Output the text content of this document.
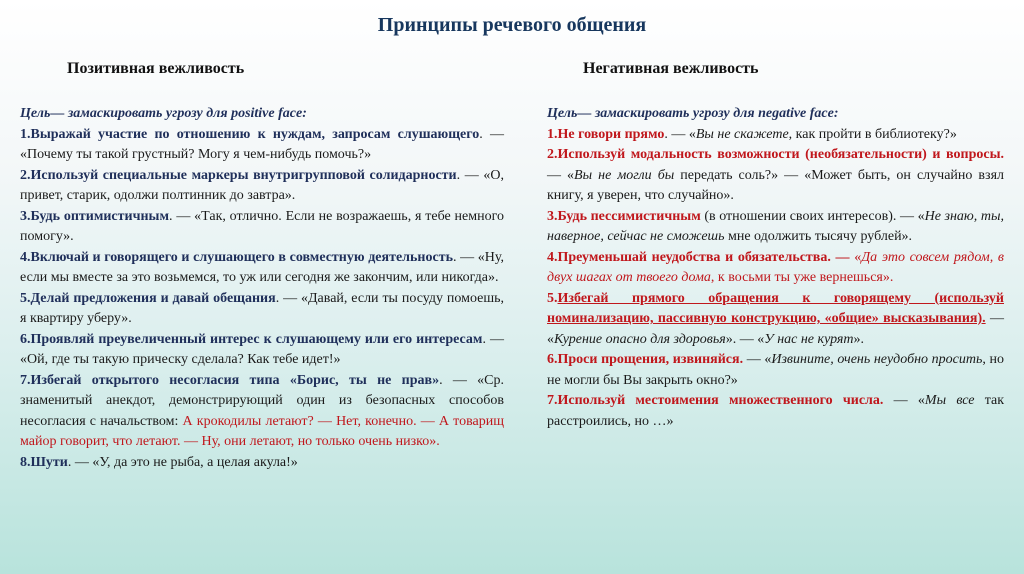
Принципы речевого общения
Позитивная вежливость	Негативная вежливость

Цель— замаскировать угрозу для positive face:

1.Выражай участие по отношению к нуждам, запросам слушающего. — «Почему ты такой грустный? Могу я чем-нибудь помочь?»

2.Используй специальные маркеры внутригрупповой солидарности. — «О, привет, старик, одолжи полтинник до завтра».

3.Будь оптимистичным. — «Так, отлично. Если не возражаешь, я тебе немного помогу».

4.Включай и говорящего и слушающего в совместную деятельность. — «Ну, если мы вместе за это возьмемся, то уж или сегодня же закончим, или никогда».

5.Делай предложения и давай обещания. — «Давай, если ты посуду помоешь, я квартиру уберу».

6.Проявляй преувеличенный интерес к слушающему или его интересам. — «Ой, где ты такую прическу сделала? Как тебе идет!»

7.Избегай открытого несогласия типа «Борис, ты не прав». — «Ср. знаменитый анекдот, демонстрирующий один из безопасных способов несогласия с начальством: А крокодилы летают? — Нет, конечно. — А товарищ майор говорит, что летают. — Ну, они летают, но только очень низко».

8.Шути. — «У, да это не рыба, а целая акула!»

Цель— замаскировать угрозу для negative face:

1.Не говори прямо. — «Вы не скажете, как пройти в библиотеку?»

2.Используй модальность возможности (необязательности) и вопросы. — «Вы не могли бы передать соль?» — «Может быть, он случайно взял книгу, я уверен, что случайно».

3.Будь пессимистичным (в отношении своих интересов). — «Не знаю, ты, наверное, сейчас не сможешь мне одолжить тысячу рублей».

4.Преуменьшай неудобства и обязательства. — «Да это совсем рядом, в двух шагах от твоего дома, к восьми ты уже вернешься».

5.Избегай прямого обращения к говорящему (используй номинализацию, пассивную конструкцию, «общие» высказывания). — «Курение опасно для здоровья». — «У нас не курят».

6.Проси прощения, извиняйся. — «Извините, очень неудобно просить, но не могли бы Вы закрыть окно?»

7.Используй местоимения множественного числа. — «Мы все так расстроились, но …»
